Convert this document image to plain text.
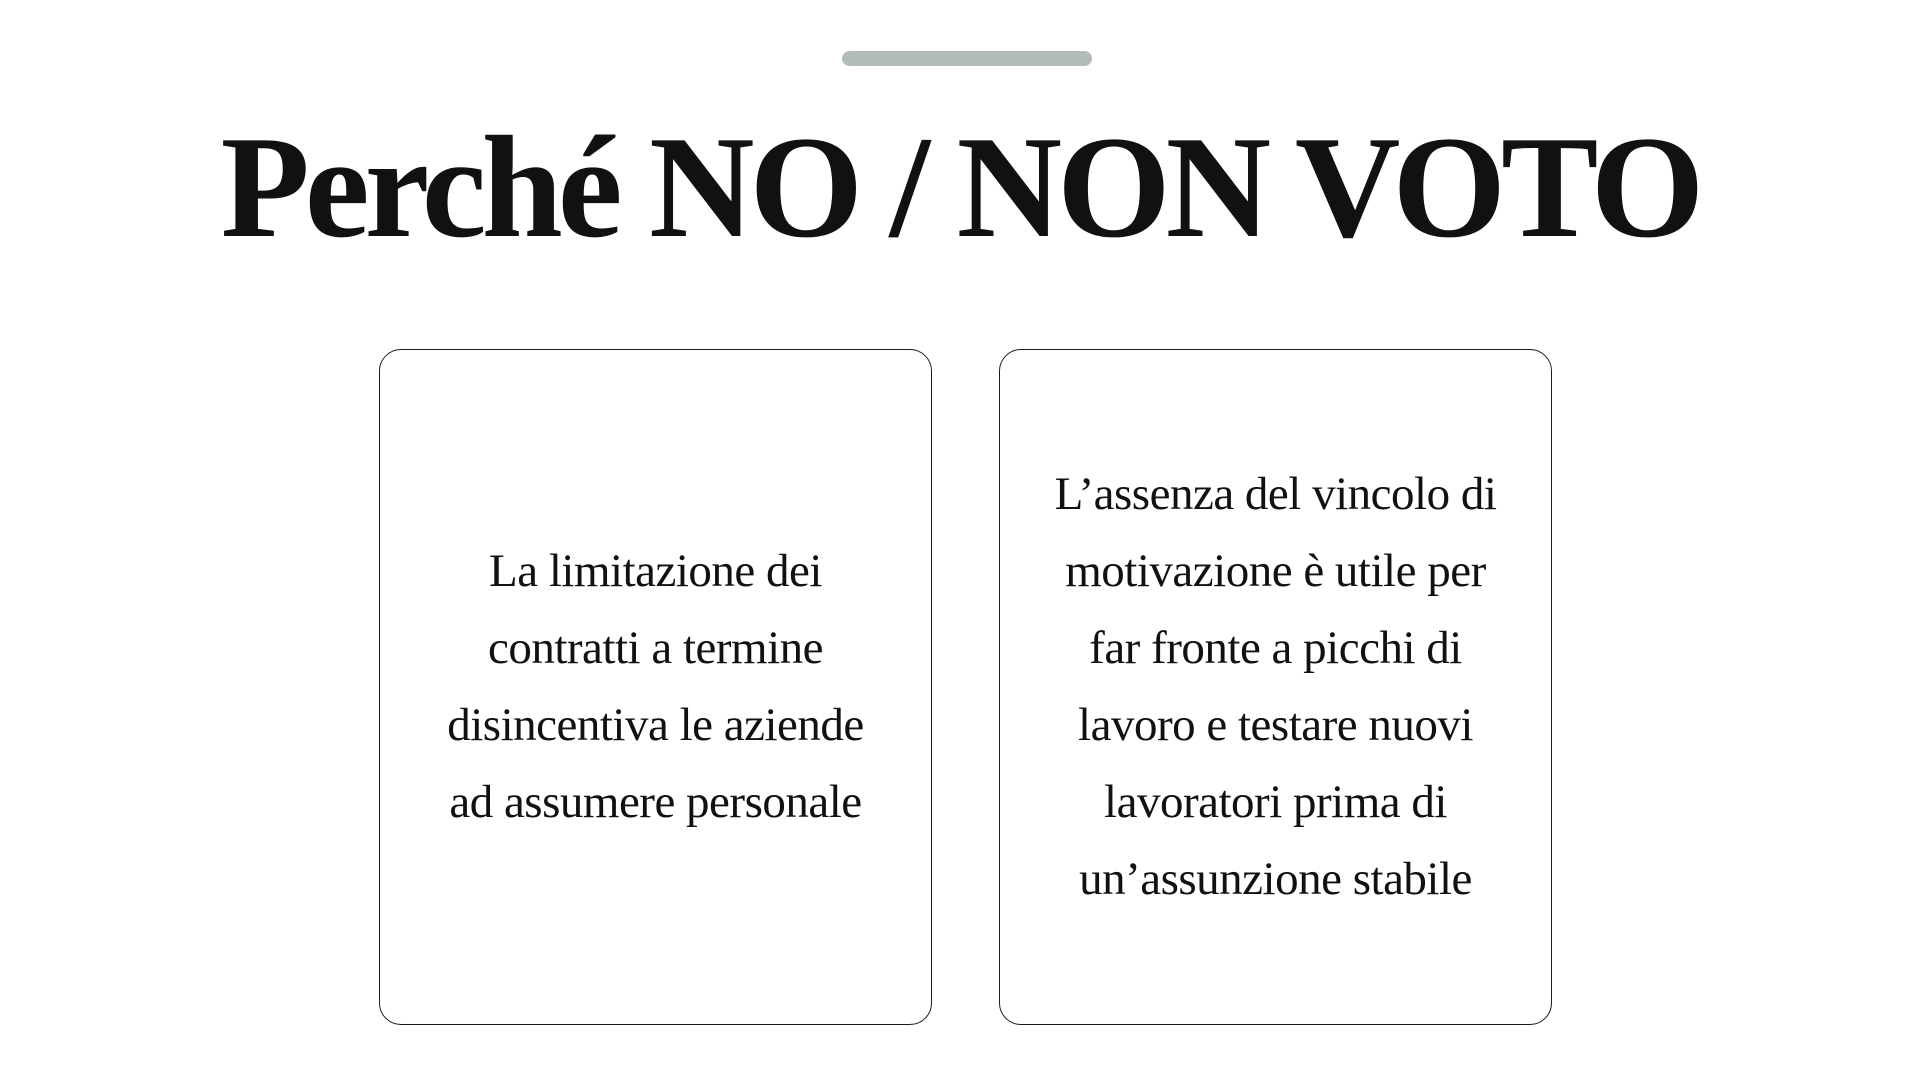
Perché NO / NON VOTO

La limitazione dei
contratti a termine
disincentiva le aziende
ad assumere personale

L’assenza del vincolo di
motivazione è utile per
far fronte a picchi di
lavoro e testare nuovi
lavoratori prima di
un’assunzione stabile
